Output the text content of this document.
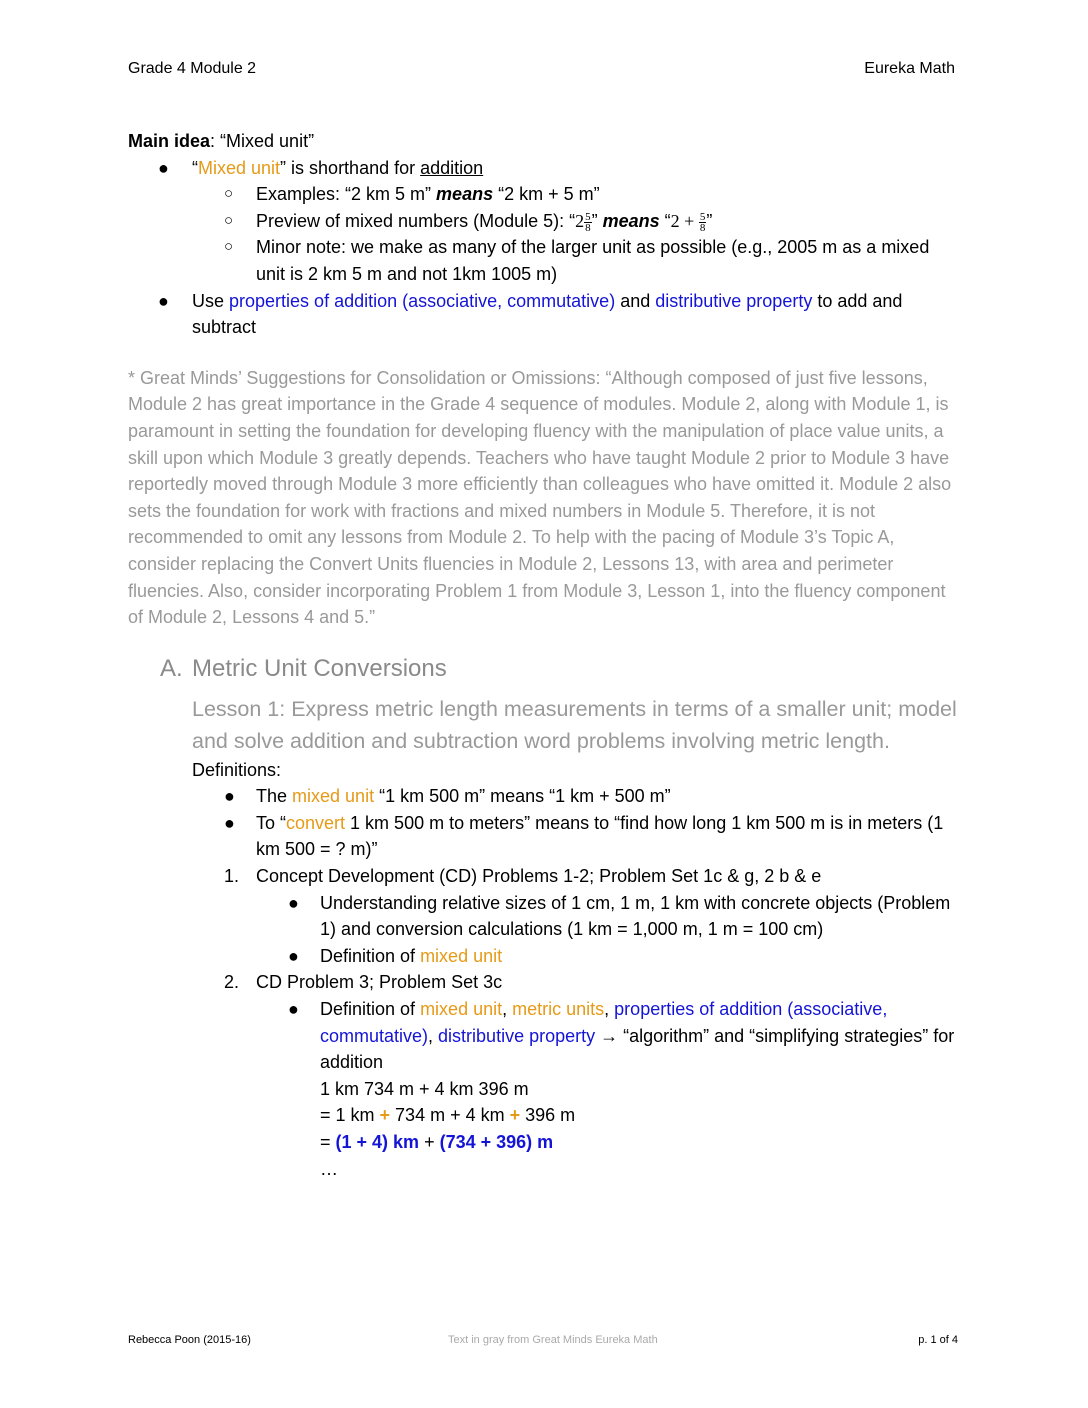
Grade 4 Module 2	Eureka Math

Main idea: “Mixed unit”

● “Mixed unit” is shorthand for addition
○ Examples: “2 km 5 m” means “2 km + 5 m”
○ Preview of mixed numbers (Module 5): “$2 \frac{5}{8}$ ” means “$2 + \frac{5}{8}$ ”
○ Minor note: we make as many of the larger unit as possible (e.g., 2005 m as a mixed unit is 2 km 5 m and not 1km 1005 m)
● Use properties of addition (associative, commutative) and distributive property to add and subtract

* Great Minds’ Suggestions for Consolidation or Omissions: “Although composed of just five lessons, Module 2 has great importance in the Grade 4 sequence of modules. Module 2, along with Module 1, is paramount in setting the foundation for developing fluency with the manipulation of place value units, a skill upon which Module 3 greatly depends. Teachers who have taught Module 2 prior to Module 3 have reportedly moved through Module 3 more efficiently than colleagues who have omitted it. Module 2 also sets the foundation for work with fractions and mixed numbers in Module 5. Therefore, it is not recommended to omit any lessons from Module 2. To help with the pacing of Module 3’s Topic A, consider replacing the Convert Units fluencies in Module 2, Lessons 13, with area and perimeter fluencies. Also, consider incorporating Problem 1 from Module 3, Lesson 1, into the fluency component of Module 2, Lessons 4 and 5.”

A. Metric Unit Conversions
Lesson 1: Express metric length measurements in terms of a smaller unit; model and solve addition and subtraction word problems involving metric length.
Definitions:
● The mixed unit “1 km 500 m” means “1 km + 500 m”
● To “convert 1 km 500 m to meters” means to “find how long 1 km 500 m is in meters (1 km 500 = ? m)”
1. Concept Development (CD) Problems 1-2; Problem Set 1c & g, 2 b & e
● Understanding relative sizes of 1 cm, 1 m, 1 km with concrete objects (Problem 1) and conversion calculations (1 km = 1,000 m, 1 m = 100 cm)
● Definition of mixed unit
2. CD Problem 3; Problem Set 3c
● Definition of mixed unit, metric units, properties of addition (associative, commutative), distributive property → “algorithm” and “simplifying strategies” for addition
1 km 734 m + 4 km 396 m
= 1 km + 734 m + 4 km + 396 m
= (1 + 4) km + (734 + 396) m
…
Rebecca Poon (2015-16)	Text in gray from Great Minds Eureka Math	p. 1 of 4
